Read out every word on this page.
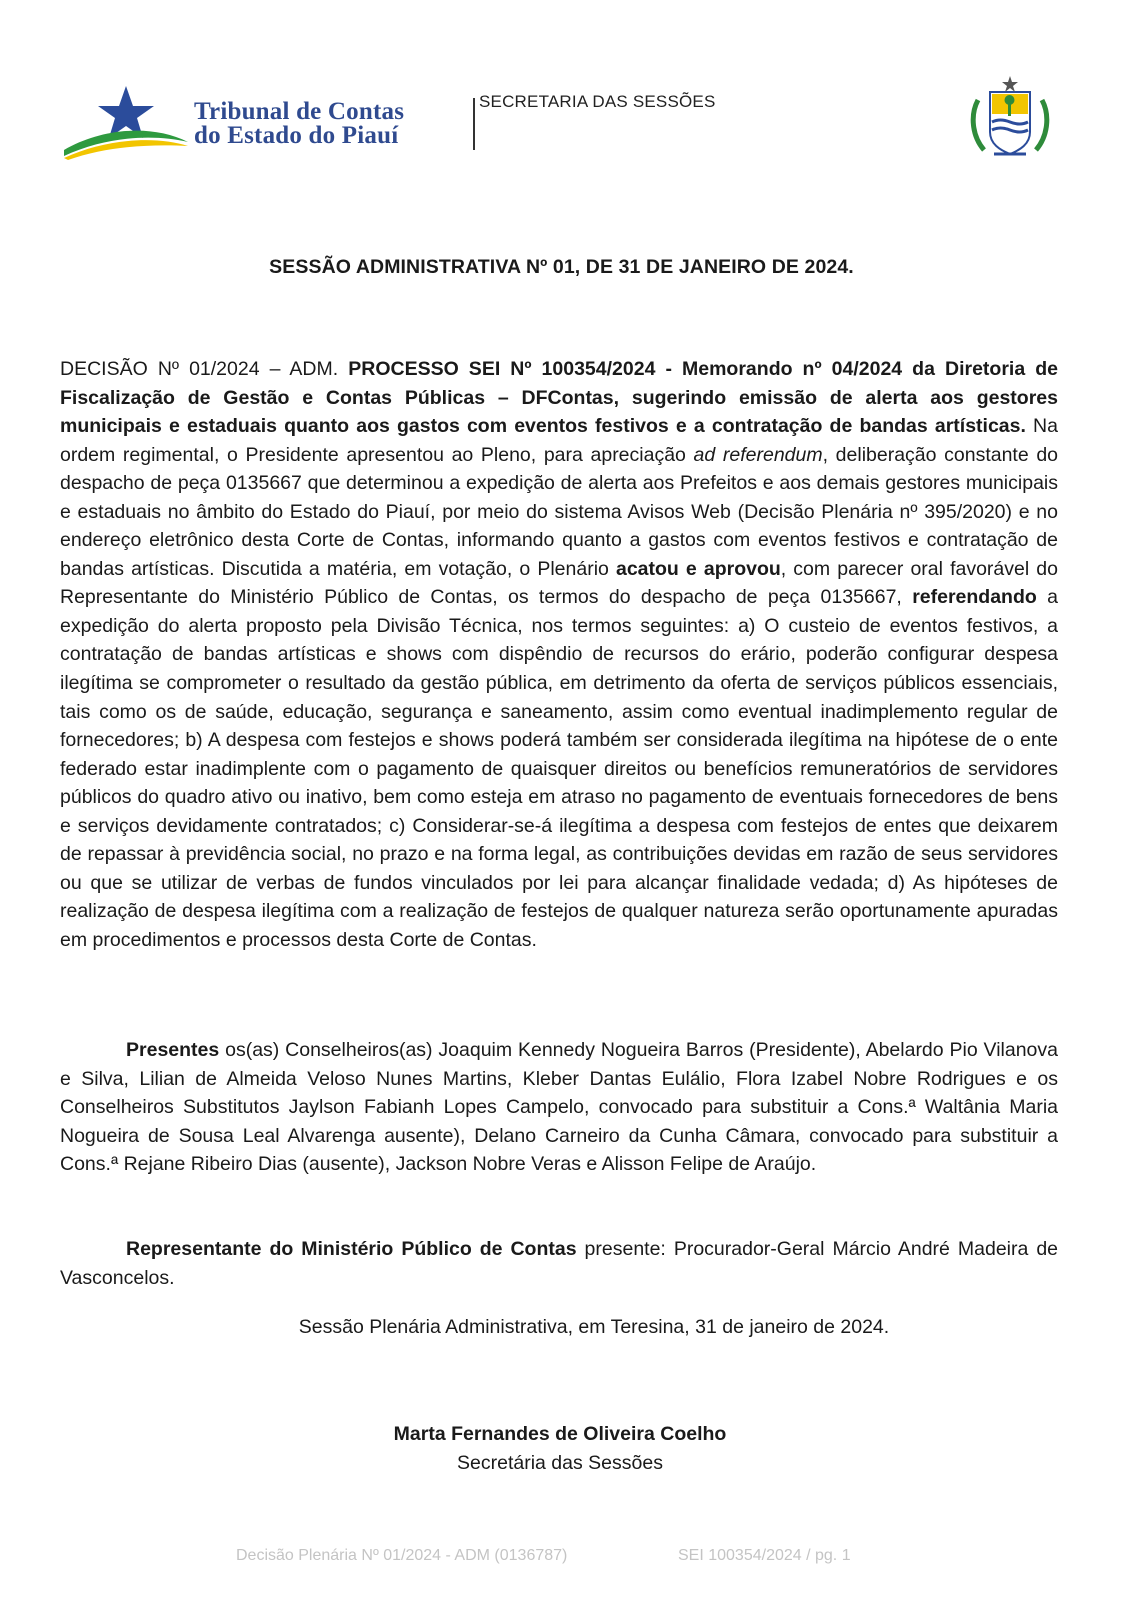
Tribunal de Contas
do Estado do Piauí
SECRETARIA DAS SESSÕES
SESSÃO ADMINISTRATIVA Nº 01, DE 31 DE JANEIRO DE 2024.
DECISÃO Nº 01/2024 – ADM. PROCESSO SEI Nº 100354/2024 - Memorando nº 04/2024 da Diretoria de Fiscalização de Gestão e Contas Públicas – DFContas, sugerindo emissão de alerta aos gestores municipais e estaduais quanto aos gastos com eventos festivos e a contratação de bandas artísticas. Na ordem regimental, o Presidente apresentou ao Pleno, para apreciação ad referendum, deliberação constante do despacho de peça 0135667 que determinou a expedição de alerta aos Prefeitos e aos demais gestores municipais e estaduais no âmbito do Estado do Piauí, por meio do sistema Avisos Web (Decisão Plenária nº 395/2020) e no endereço eletrônico desta Corte de Contas, informando quanto a gastos com eventos festivos e contratação de bandas artísticas. Discutida a matéria, em votação, o Plenário acatou e aprovou, com parecer oral favorável do Representante do Ministério Público de Contas, os termos do despacho de peça 0135667, referendando a expedição do alerta proposto pela Divisão Técnica, nos termos seguintes: a) O custeio de eventos festivos, a contratação de bandas artísticas e shows com dispêndio de recursos do erário, poderão configurar despesa ilegítima se comprometer o resultado da gestão pública, em detrimento da oferta de serviços públicos essenciais, tais como os de saúde, educação, segurança e saneamento, assim como eventual inadimplemento regular de fornecedores; b) A despesa com festejos e shows poderá também ser considerada ilegítima na hipótese de o ente federado estar inadimplente com o pagamento de quaisquer direitos ou benefícios remuneratórios de servidores públicos do quadro ativo ou inativo, bem como esteja em atraso no pagamento de eventuais fornecedores de bens e serviços devidamente contratados; c) Considerar-se-á ilegítima a despesa com festejos de entes que deixarem de repassar à previdência social, no prazo e na forma legal, as contribuições devidas em razão de seus servidores ou que se utilizar de verbas de fundos vinculados por lei para alcançar finalidade vedada; d) As hipóteses de realização de despesa ilegítima com a realização de festejos de qualquer natureza serão oportunamente apuradas em procedimentos e processos desta Corte de Contas.
Presentes os(as) Conselheiros(as) Joaquim Kennedy Nogueira Barros (Presidente), Abelardo Pio Vilanova e Silva, Lilian de Almeida Veloso Nunes Martins, Kleber Dantas Eulálio, Flora Izabel Nobre Rodrigues e os Conselheiros Substitutos Jaylson Fabianh Lopes Campelo, convocado para substituir a Cons.ª Waltânia Maria Nogueira de Sousa Leal Alvarenga ausente), Delano Carneiro da Cunha Câmara, convocado para substituir a Cons.ª Rejane Ribeiro Dias (ausente), Jackson Nobre Veras e Alisson Felipe de Araújo.
Representante do Ministério Público de Contas presente: Procurador-Geral Márcio André Madeira de Vasconcelos.
Sessão Plenária Administrativa, em Teresina, 31 de janeiro de 2024.
Marta Fernandes de Oliveira Coelho
Secretária das Sessões
Decisão Plenária Nº 01/2024 - ADM (0136787)	SEI 100354/2024 / pg. 1
